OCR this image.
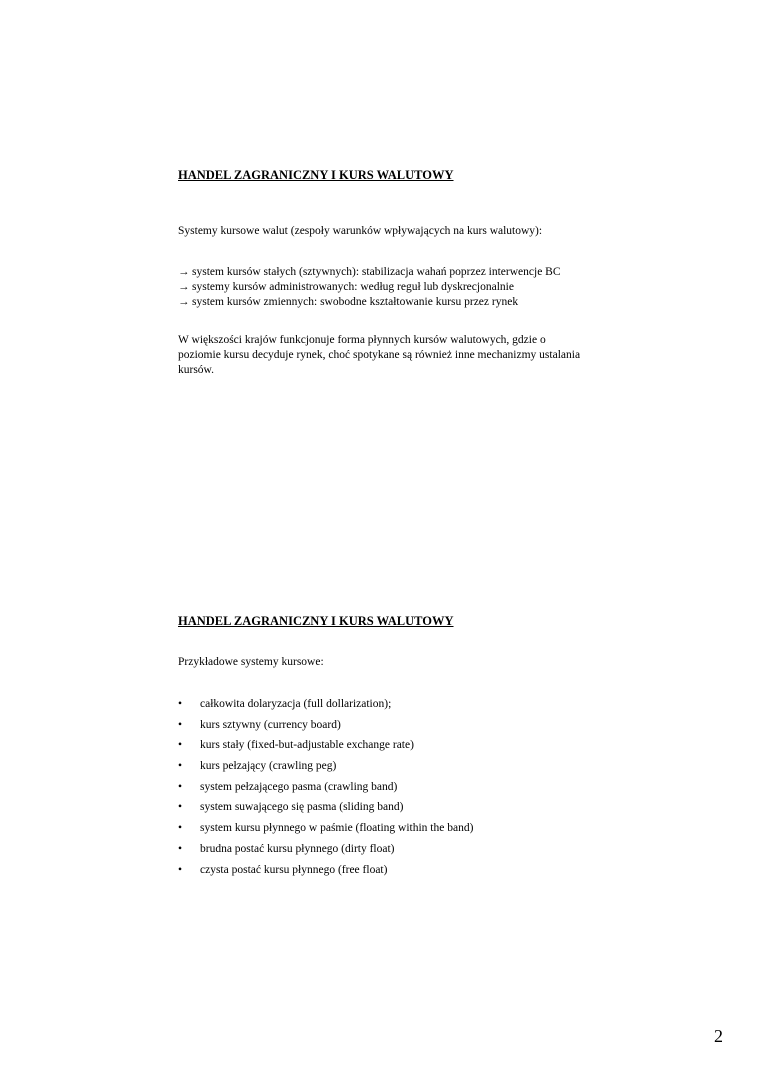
HANDEL ZAGRANICZNY I KURS WALUTOWY
Systemy kursowe walut (zespoły warunków wpływających na kurs walutowy):
→ system kursów stałych (sztywnych): stabilizacja wahań poprzez interwencje BC
→ systemy kursów administrowanych: według reguł lub dyskrecjonalnie
→ system kursów zmiennych: swobodne kształtowanie kursu przez rynek
W większości krajów funkcjonuje forma płynnych kursów walutowych, gdzie o
poziomie kursu decyduje rynek, choć spotykane są również inne mechanizmy ustalania
kursów.
HANDEL ZAGRANICZNY I KURS WALUTOWY
Przykładowe systemy kursowe:
• całkowita dolaryzacja (full dollarization);
• kurs sztywny (currency board)
• kurs stały (fixed-but-adjustable exchange rate)
• kurs pełzający (crawling peg)
• system pełzającego pasma (crawling band)
• system suwającego się pasma (sliding band)
• system kursu płynnego w paśmie (floating within the band)
• brudna postać kursu płynnego (dirty float)
• czysta postać kursu płynnego (free float)
2
